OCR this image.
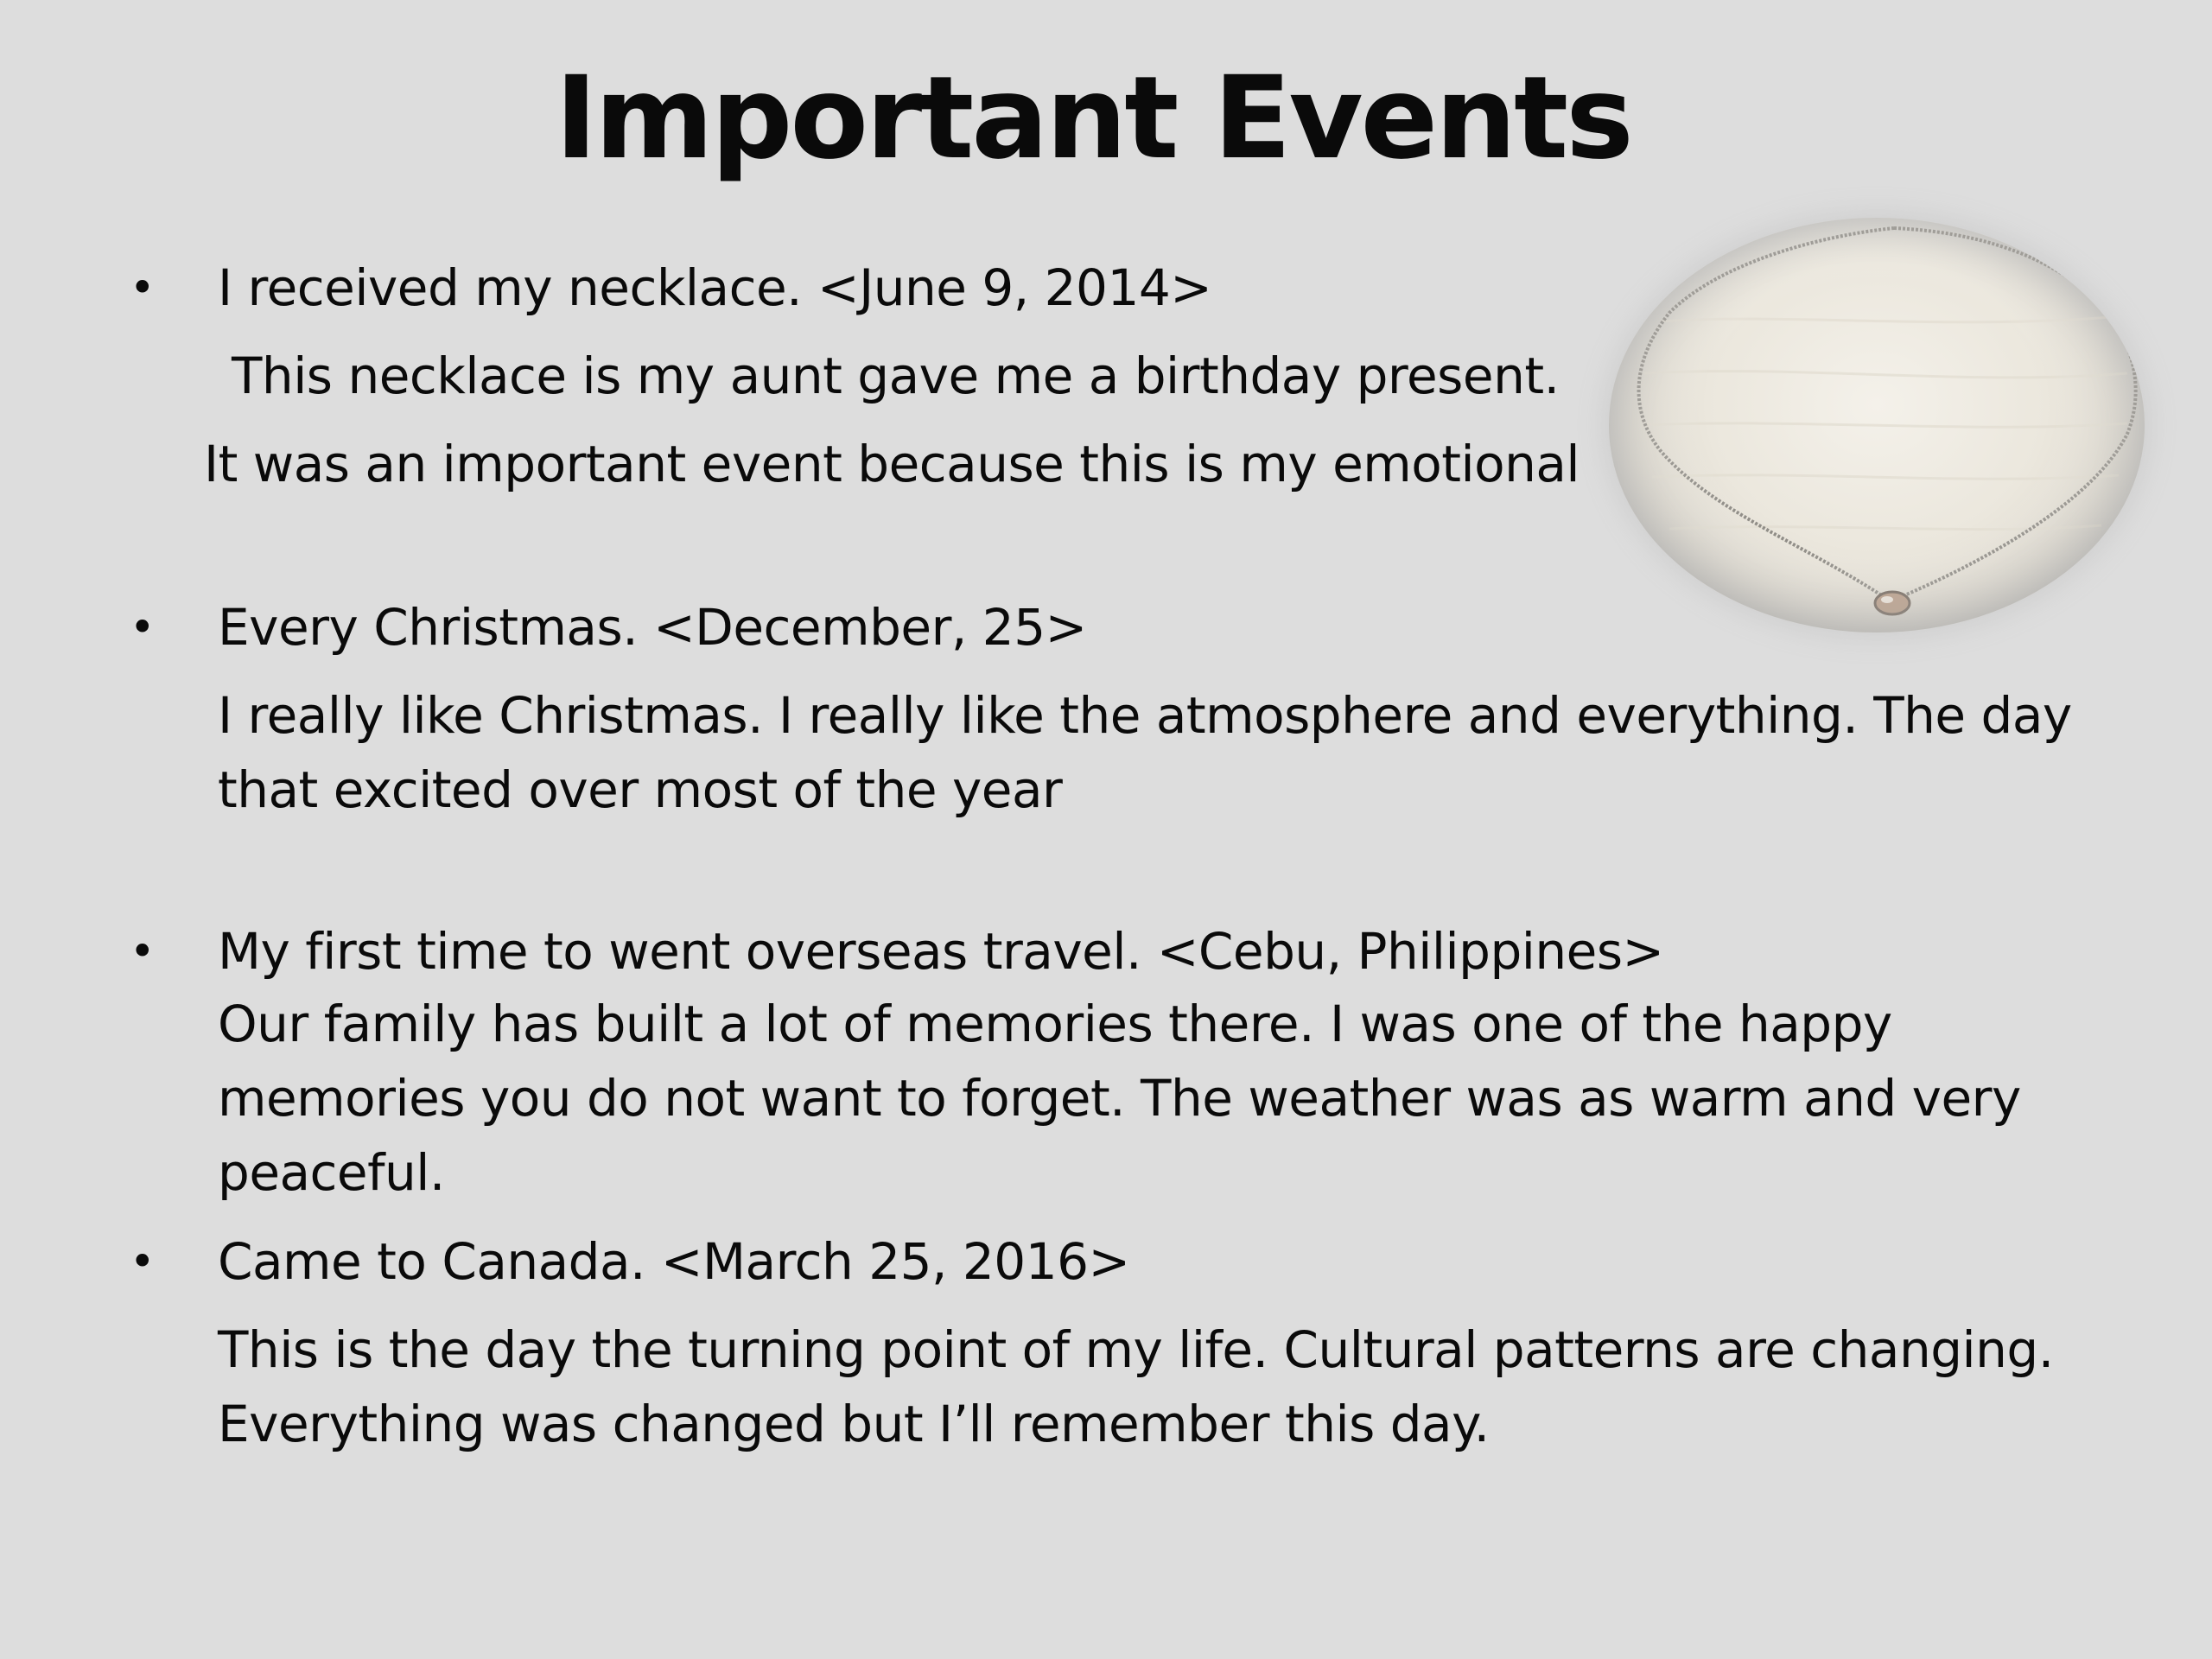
Important Events
• I received my necklace. <June 9, 2014>
This necklace is my aunt gave me a birthday present.
It was an important event because this is my emotional
• Every Christmas. <December, 25>
I really like Christmas. I really like the atmosphere and everything. The day that excited over most of the year
• My first time to went overseas travel. <Cebu, Philippines>
Our family has built a lot of memories there. I was one of the happy memories you do not want to forget. The weather was as warm and very peaceful.
• Came to Canada. <March 25, 2016>
This is the day the turning point of my life. Cultural patterns are changing. Everything was changed but I’ll remember this day.
